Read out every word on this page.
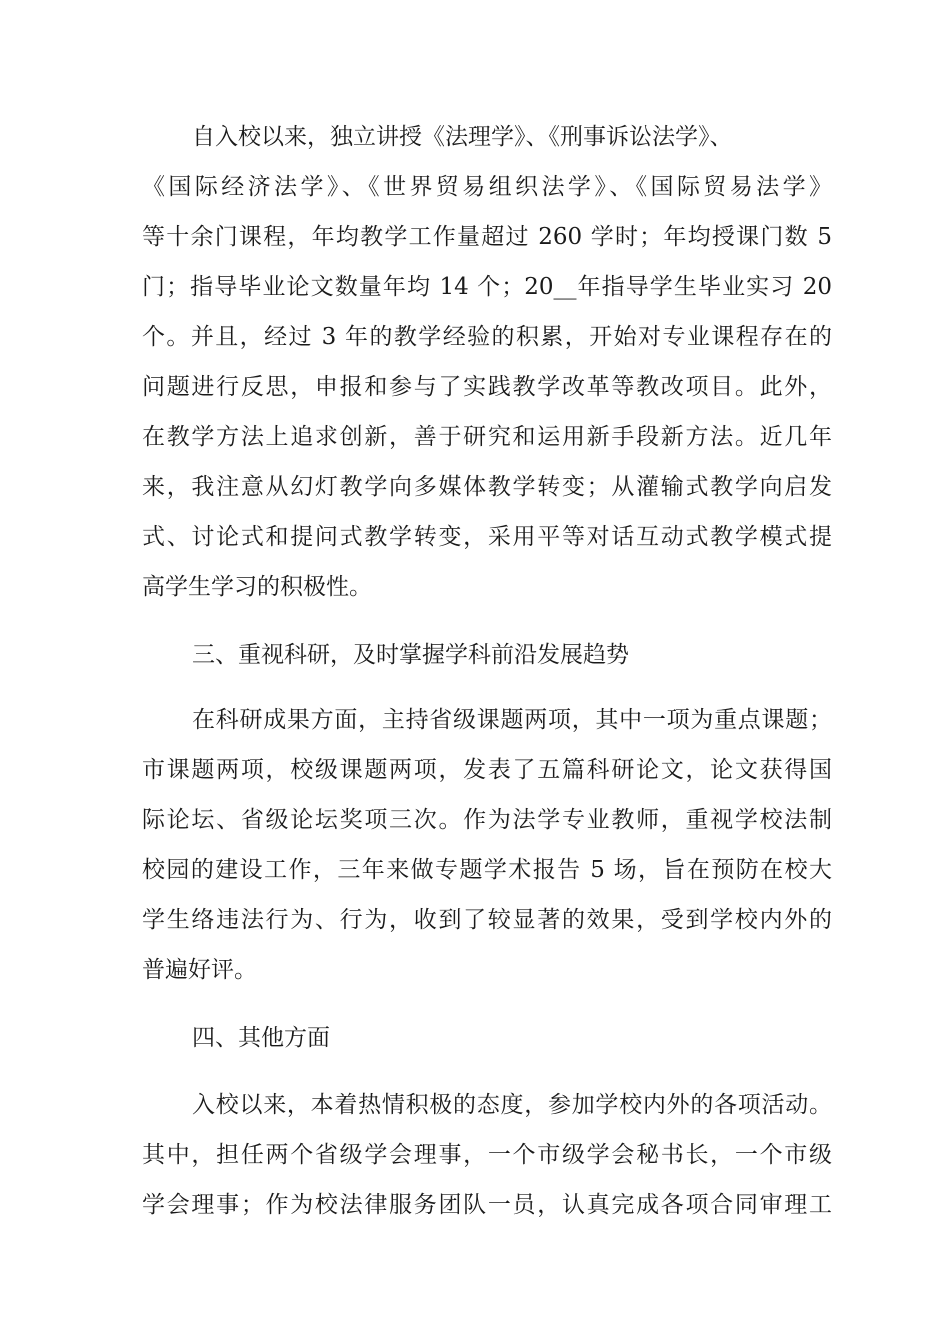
自入校以来，独立讲授《法理学》、《刑事诉讼法学》、
《国际经济法学》、《世界贸易组织法学》、《国际贸易法学》
等十余门课程，年均教学工作量超过 260 学时；年均授课门数 5
门；指导毕业论文数量年均 14 个；20__年指导学生毕业实习 20
个。并且，经过 3 年的教学经验的积累，开始对专业课程存在的
问题进行反思，申报和参与了实践教学改革等教改项目。此外，
在教学方法上追求创新，善于研究和运用新手段新方法。近几年
来，我注意从幻灯教学向多媒体教学转变；从灌输式教学向启发
式、讨论式和提问式教学转变，采用平等对话互动式教学模式提
高学生学习的积极性。
三、重视科研，及时掌握学科前沿发展趋势
在科研成果方面，主持省级课题两项，其中一项为重点课题；
市课题两项，校级课题两项，发表了五篇科研论文，论文获得国
际论坛、省级论坛奖项三次。作为法学专业教师，重视学校法制
校园的建设工作，三年来做专题学术报告 5 场，旨在预防在校大
学生络违法行为、行为，收到了较显著的效果，受到学校内外的
普遍好评。
四、其他方面
入校以来，本着热情积极的态度，参加学校内外的各项活动。
其中，担任两个省级学会理事，一个市级学会秘书长，一个市级
学会理事；作为校法律服务团队一员，认真完成各项合同审理工
